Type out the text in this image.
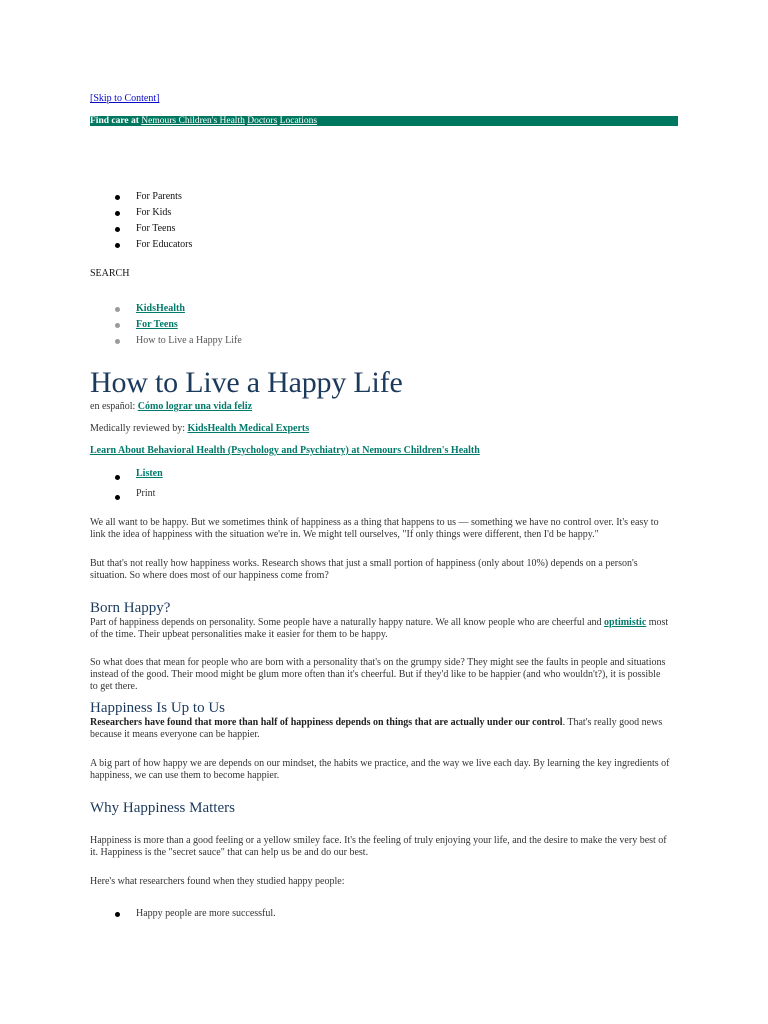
[Skip to Content]
Find care at Nemours Children's Health Doctors Locations
For Parents
For Kids
For Teens
For Educators
SEARCH
KidsHealth
For Teens
How to Live a Happy Life
How to Live a Happy Life
en español: Cómo lograr una vida feliz
Medically reviewed by: KidsHealth Medical Experts
Learn About Behavioral Health (Psychology and Psychiatry) at Nemours Children's Health
Listen
Print

We all want to be happy. But we sometimes think of happiness as a thing that happens to us — something we have no control over. It's easy to link the idea of happiness with the situation we're in. We might tell ourselves, "If only things were different, then I'd be happy."

But that's not really how happiness works. Research shows that just a small portion of happiness (only about 10%) depends on a person's situation. So where does most of our happiness come from?

Born Happy?

Part of happiness depends on personality. Some people have a naturally happy nature. We all know people who are cheerful and optimistic most of the time. Their upbeat personalities make it easier for them to be happy.

So what does that mean for people who are born with a personality that's on the grumpy side? They might see the faults in people and situations instead of the good. Their mood might be glum more often than it's cheerful. But if they'd like to be happier (and who wouldn't?), it is possible to get there.

Happiness Is Up to Us

Researchers have found that more than half of happiness depends on things that are actually under our control. That's really good news because it means everyone can be happier.

A big part of how happy we are depends on our mindset, the habits we practice, and the way we live each day. By learning the key ingredients of happiness, we can use them to become happier.

Why Happiness Matters

Happiness is more than a good feeling or a yellow smiley face. It's the feeling of truly enjoying your life, and the desire to make the very best of it. Happiness is the "secret sauce" that can help us be and do our best.

Here's what researchers found when they studied happy people:

Happy people are more successful.
